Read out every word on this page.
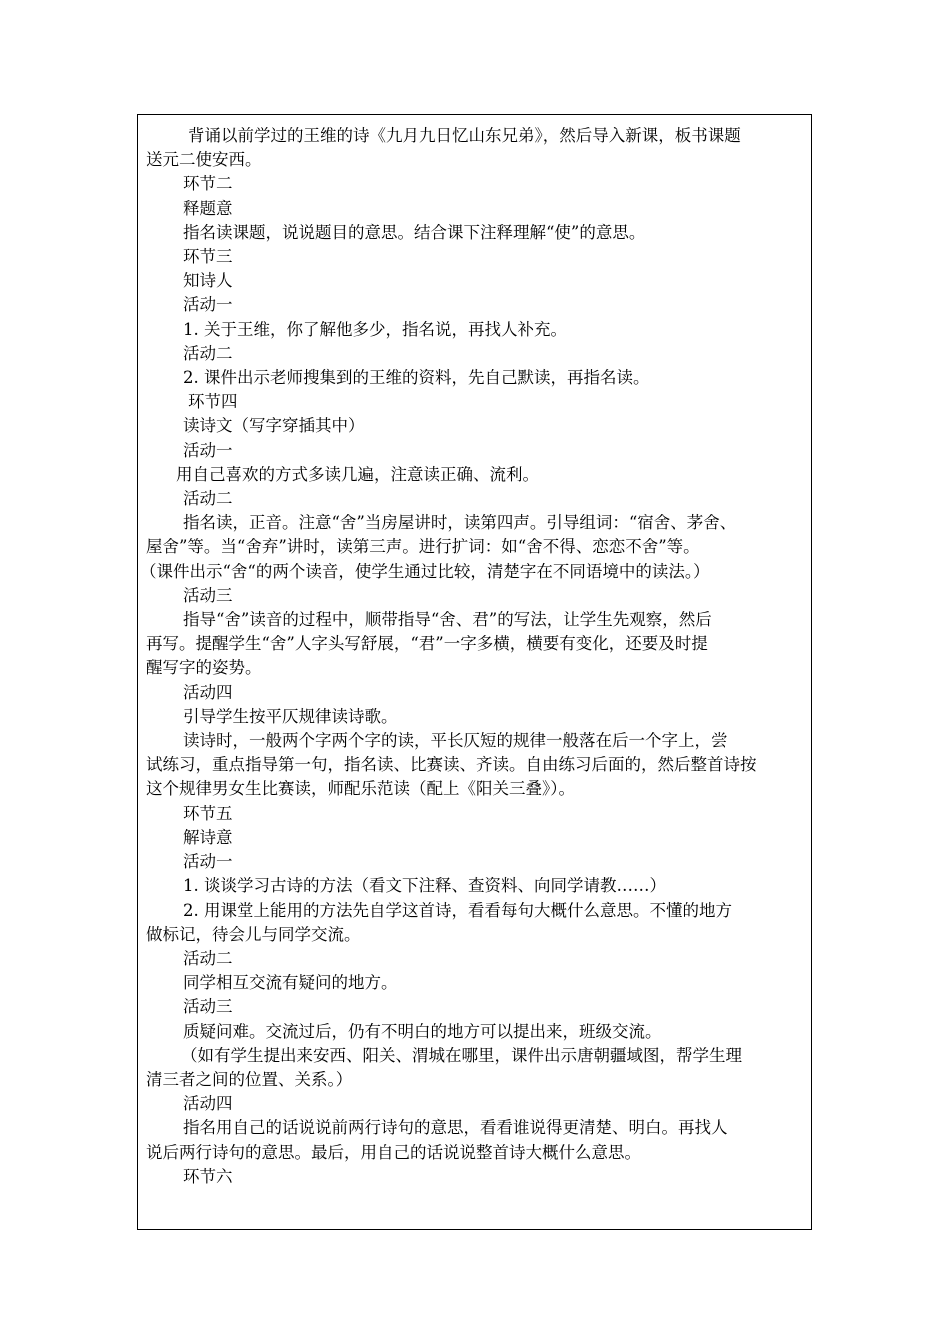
背诵以前学过的王维的诗《九月九日忆山东兄弟》，然后导入新课，板书课题

送元二使安西。

环节二

释题意

指名读课题，说说题目的意思。结合课下注释理解“使”的意思。

环节三

知诗人

活动一

1. 关于王维，你了解他多少，指名说，再找人补充。

活动二

2. 课件出示老师搜集到的王维的资料，先自己默读，再指名读。

环节四

读诗文（写字穿插其中）

活动一

用自己喜欢的方式多读几遍，注意读正确、流利。

活动二

指名读，正音。注意“舍”当房屋讲时，读第四声。引导组词：“宿舍、茅舍、

屋舍”等。当“舍弃”讲时，读第三声。进行扩词：如“舍不得、恋恋不舍”等。

（课件出示“舍“的两个读音，使学生通过比较，清楚字在不同语境中的读法。）

活动三

指导“舍”读音的过程中，顺带指导“舍、君”的写法，让学生先观察，然后

再写。提醒学生“舍”人字头写舒展，“君”一字多横，横要有变化，还要及时提

醒写字的姿势。

活动四

引导学生按平仄规律读诗歌。

读诗时，一般两个字两个字的读，平长仄短的规律一般落在后一个字上，尝

试练习，重点指导第一句，指名读、比赛读、齐读。自由练习后面的，然后整首诗按

这个规律男女生比赛读，师配乐范读（配上《阳关三叠》）。

环节五

解诗意

活动一

1. 谈谈学习古诗的方法（看文下注释、查资料、向同学请教……）

2. 用课堂上能用的方法先自学这首诗，看看每句大概什么意思。不懂的地方

做标记，待会儿与同学交流。

活动二

同学相互交流有疑问的地方。

活动三

质疑问难。交流过后，仍有不明白的地方可以提出来，班级交流。

（如有学生提出来安西、阳关、渭城在哪里，课件出示唐朝疆域图，帮学生理

清三者之间的位置、关系。）

活动四

指名用自己的话说说前两行诗句的意思，看看谁说得更清楚、明白。再找人

说后两行诗句的意思。最后，用自己的话说说整首诗大概什么意思。

环节六
